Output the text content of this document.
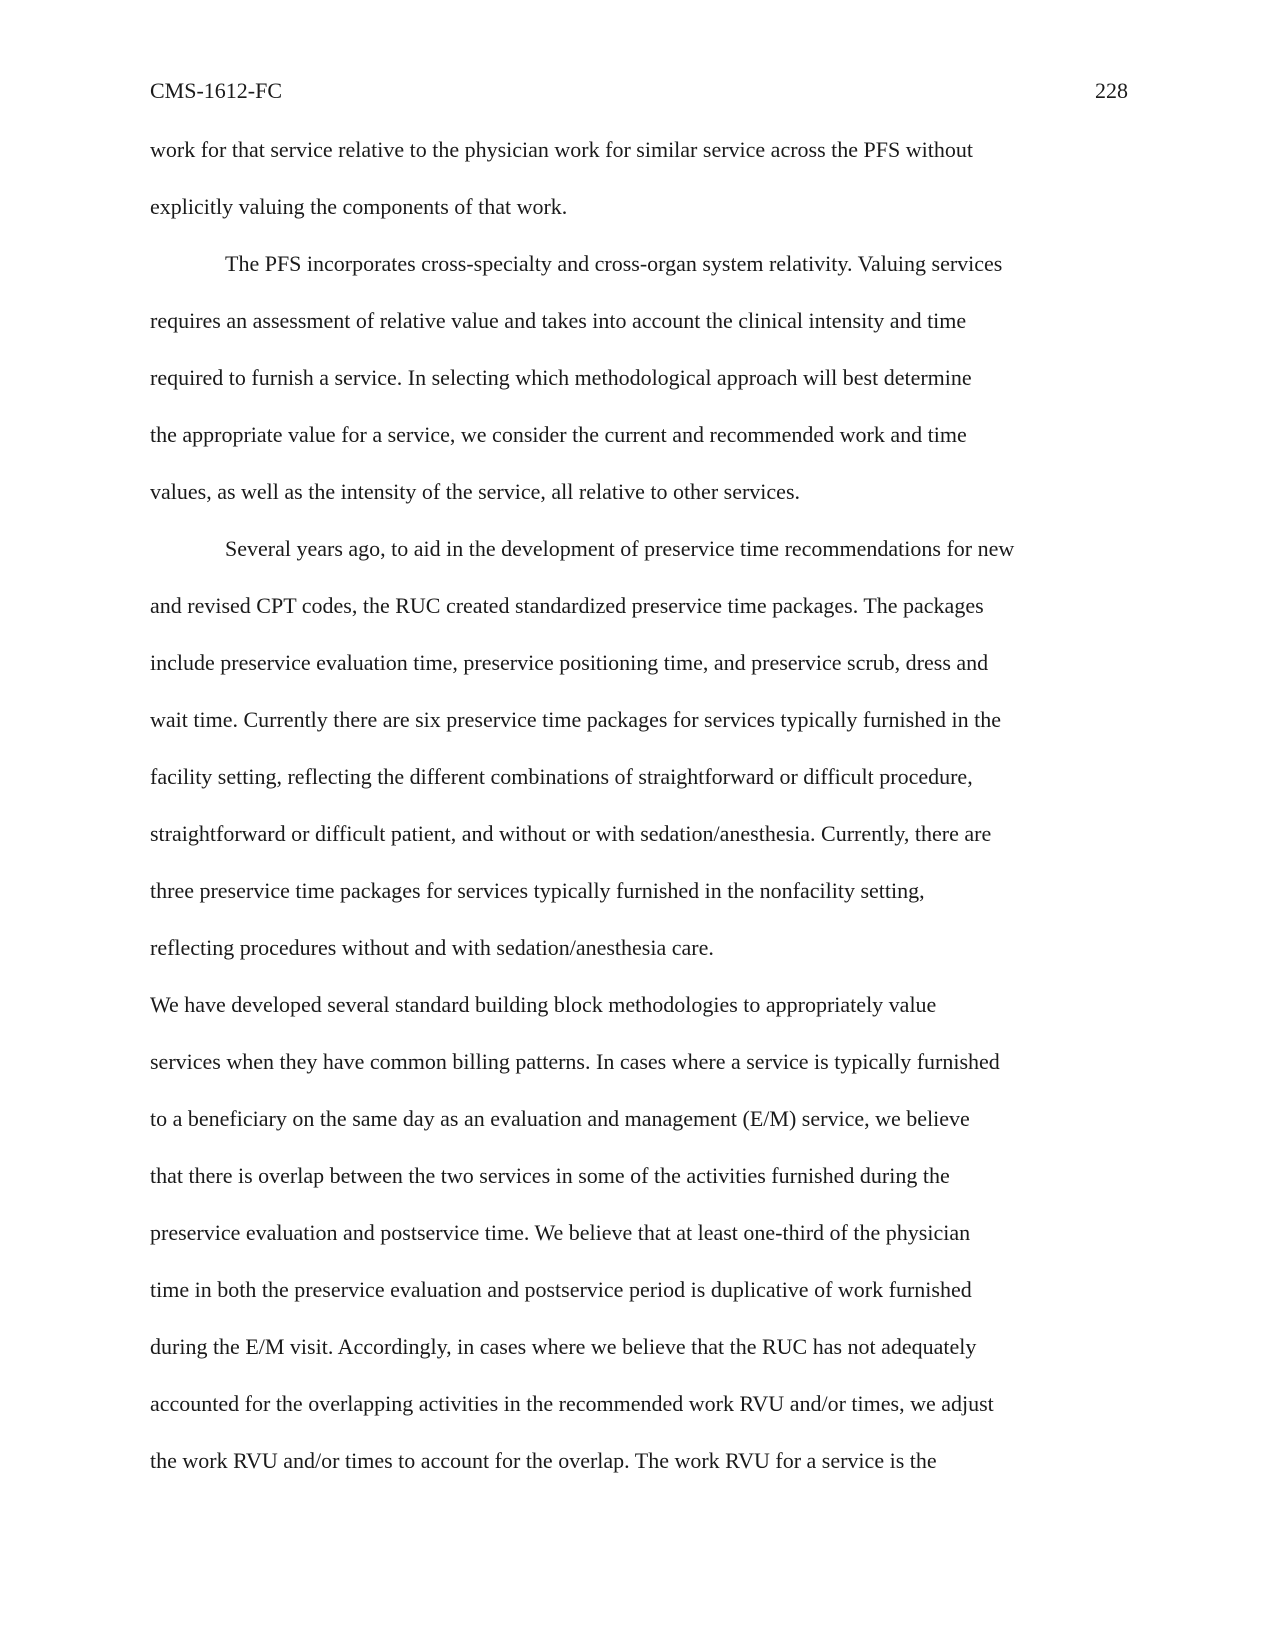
CMS-1612-FC	228
work for that service relative to the physician work for similar service across the PFS without
explicitly valuing the components of that work.
The PFS incorporates cross-specialty and cross-organ system relativity. Valuing services
requires an assessment of relative value and takes into account the clinical intensity and time
required to furnish a service. In selecting which methodological approach will best determine
the appropriate value for a service, we consider the current and recommended work and time
values, as well as the intensity of the service, all relative to other services.
Several years ago, to aid in the development of preservice time recommendations for new
and revised CPT codes, the RUC created standardized preservice time packages. The packages
include preservice evaluation time, preservice positioning time, and preservice scrub, dress and
wait time. Currently there are six preservice time packages for services typically furnished in the
facility setting, reflecting the different combinations of straightforward or difficult procedure,
straightforward or difficult patient, and without or with sedation/anesthesia. Currently, there are
three preservice time packages for services typically furnished in the nonfacility setting,
reflecting procedures without and with sedation/anesthesia care.
We have developed several standard building block methodologies to appropriately value
services when they have common billing patterns. In cases where a service is typically furnished
to a beneficiary on the same day as an evaluation and management (E/M) service, we believe
that there is overlap between the two services in some of the activities furnished during the
preservice evaluation and postservice time. We believe that at least one-third of the physician
time in both the preservice evaluation and postservice period is duplicative of work furnished
during the E/M visit. Accordingly, in cases where we believe that the RUC has not adequately
accounted for the overlapping activities in the recommended work RVU and/or times, we adjust
the work RVU and/or times to account for the overlap. The work RVU for a service is the
